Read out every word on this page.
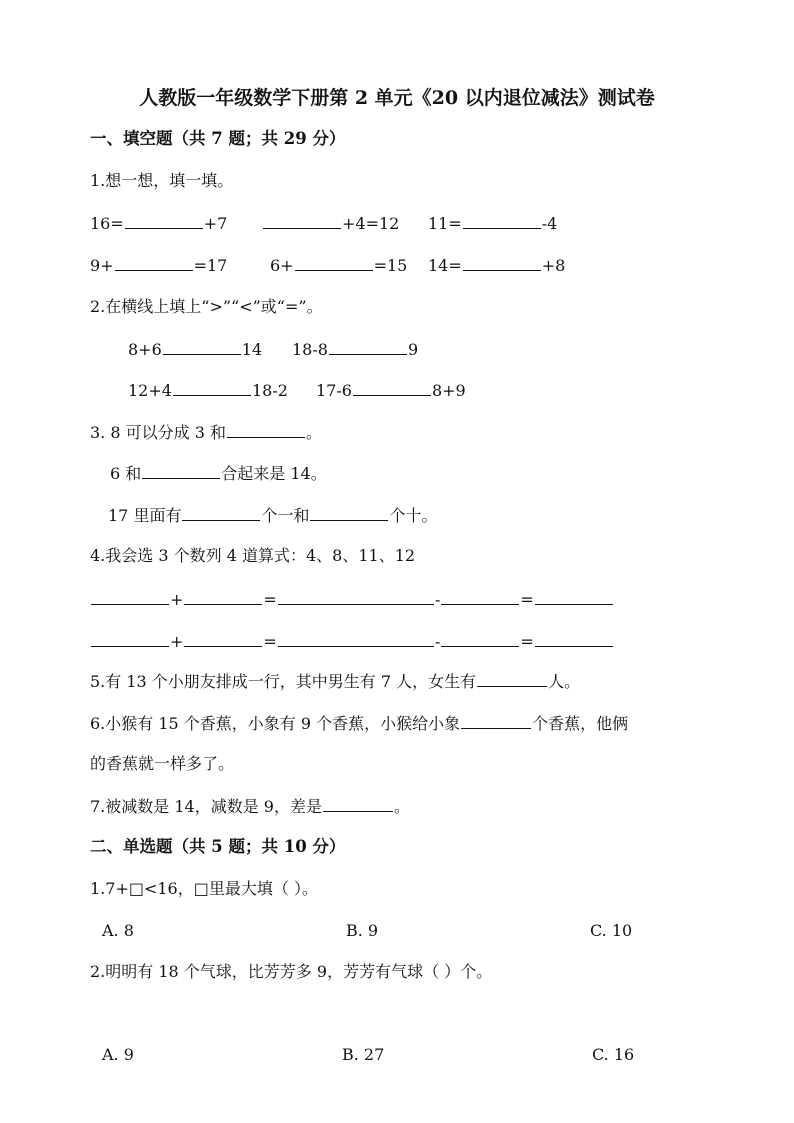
人教版一年级数学下册第 2 单元《20 以内退位减法》测试卷
一、填空题（共 7 题；共 29 分）
1.想一想，填一填。
16=	+7	+4=12 11=	-4
9+	=17	6+	=15 14=	+8
2.在横线上填上“>”“<”或“=”。
8+6	14 18-8	9
12+4	18-2 17-6	8+9
3. 8 可以分成 3 和	。
6 和	合起来是 14。
17 里面有	个一和	个十。
4.我会选 3 个数列 4 道算式：4、8、11、12
+	=	-	=
+	=	-	=
5.有 13 个小朋友排成一行，其中男生有 7 人，女生有	人。
6.小猴有 15 个香蕉，小象有 9 个香蕉，小猴给小象	个香蕉，他俩
的香蕉就一样多了。
7.被减数是 14，减数是 9，差是	。
二、单选题（共 5 题；共 10 分）
1.7+□<16，□里最大填（ ）。
A. 8	B. 9	C. 10
2.明明有 18 个气球，比芳芳多 9，芳芳有气球（ ）个。
A. 9	B. 27	C. 16
